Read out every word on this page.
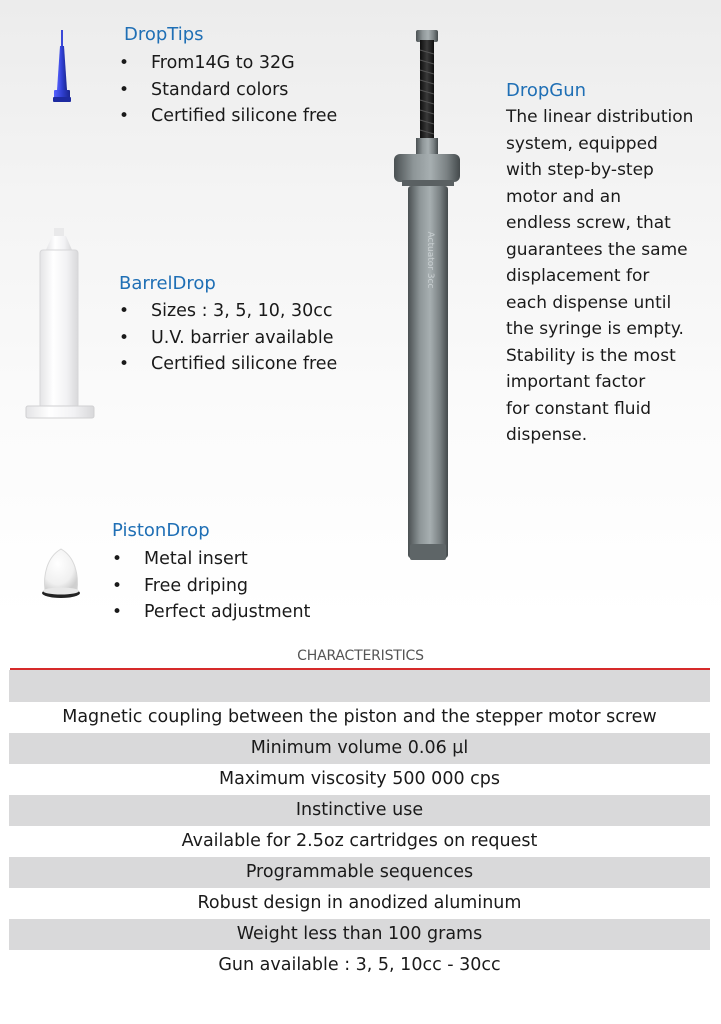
DropTips
• From14G to 32G
• Standard colors
• Certified silicone free
BarrelDrop
• Sizes : 3, 5, 10, 30cc
• U.V. barrier available
• Certified silicone free
PistonDrop
• Metal insert
• Free driping
• Perfect adjustment
Actuator 3cc
DropGun
The linear distribution
system, equipped
with step-by-step
motor and an
endless screw, that
guarantees the same
displacement for
each dispense until
the syringe is empty.
Stability is the most
important factor
for constant fluid
dispense.
CHARACTERISTICS
Magnetic coupling between the piston and the stepper motor screw
Minimum volume 0.06 µl
Maximum viscosity 500 000 cps
Instinctive use
Available for 2.5oz cartridges on request
Programmable sequences
Robust design in anodized aluminum
Weight less than 100 grams
Gun available : 3, 5, 10cc - 30cc
